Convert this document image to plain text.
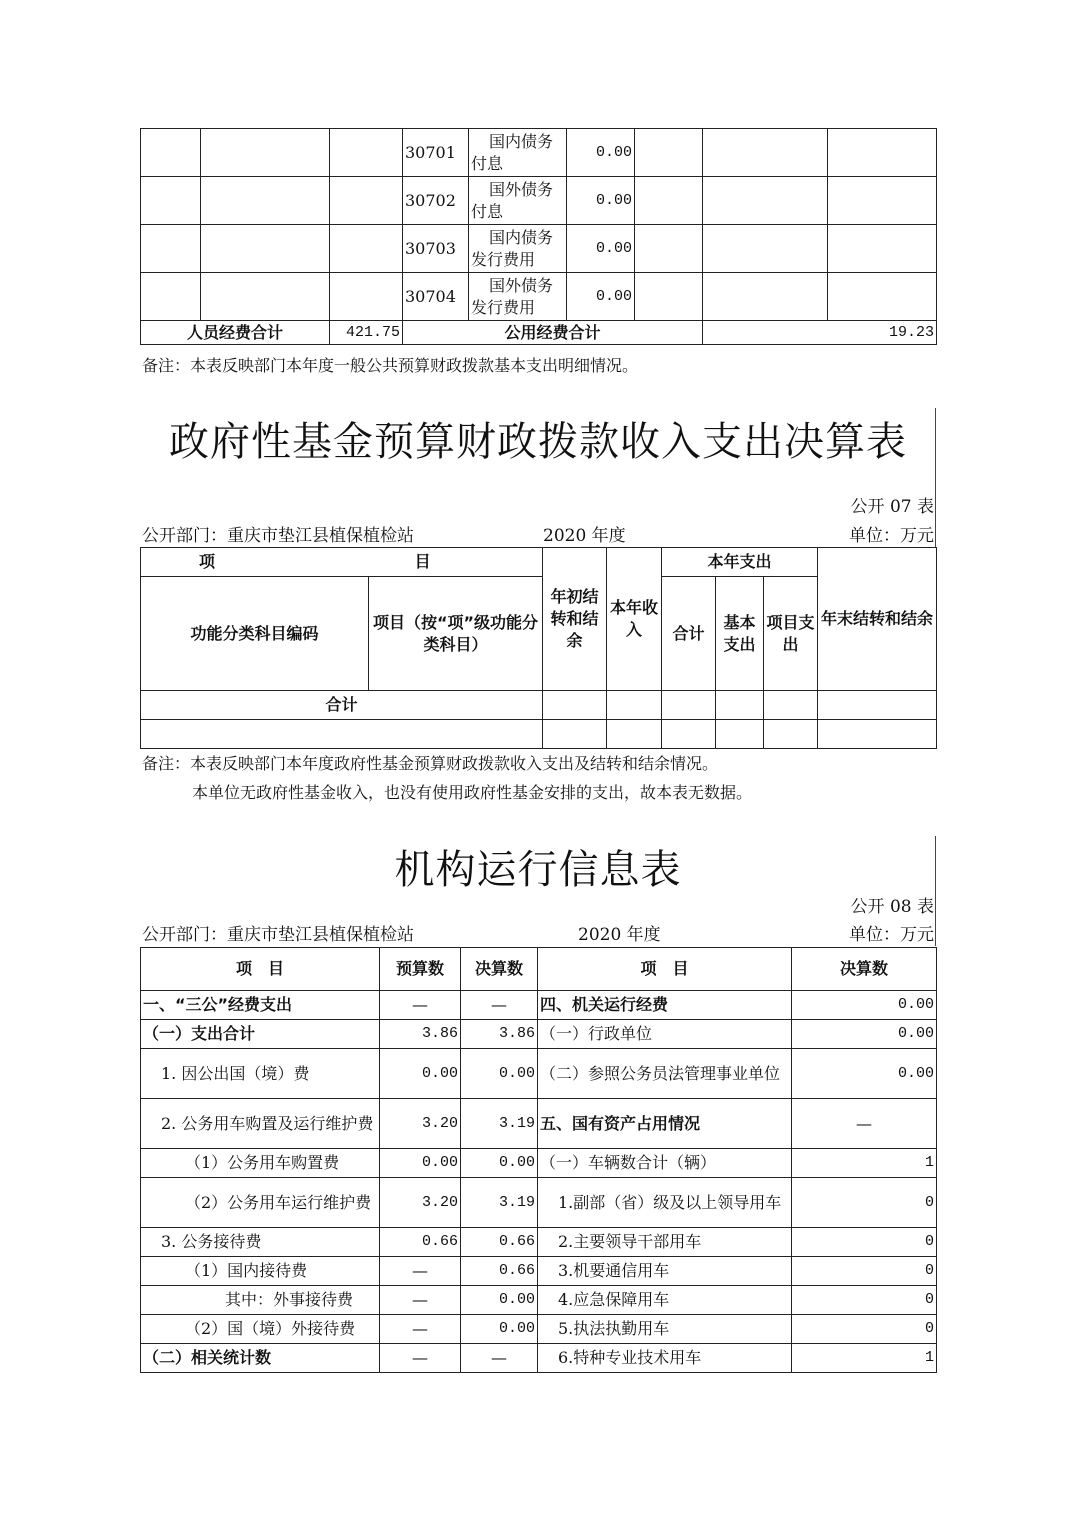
			30701	国内债务付息	0.00			
			30702	国外债务付息	0.00			
			30703	国内债务发行费用	0.00			
			30704	国外债务发行费用	0.00			
人员经费合计		421.75	公用经费合计				19.23	
备注：本表反映部门本年度一般公共预算财政拨款基本支出明细情况。
政府性基金预算财政拨款收入支出决算表
公开 07 表
公开部门：重庆市垫江县植保植检站	2020 年度	单位：万元
项 目		年初结转和结余	本年收入	本年支出			年末结转和结余
功能分类科目编码	项目（按“项”级功能分类科目）			合计	基本支出	项目支出	
合计							

备注：本表反映部门本年度政府性基金预算财政拨款收入支出及结转和结余情况。
本单位无政府性基金收入，也没有使用政府性基金安排的支出，故本表无数据。
机构运行信息表
公开 08 表
公开部门：重庆市垫江县植保植检站	2020 年度	单位：万元
项　目	预算数	决算数	项　目	决算数
一、“三公”经费支出	—	—	四、机关运行经费	0.00
（一）支出合计	3.86	3.86	（一）行政单位	0.00
1. 因公出国（境）费	0.00	0.00	（二）参照公务员法管理事业单位	0.00
2. 公务用车购置及运行维护费	3.20	3.19	五、国有资产占用情况	—
（1）公务用车购置费	0.00	0.00	（一）车辆数合计（辆）	1
（2）公务用车运行维护费	3.20	3.19	1.副部（省）级及以上领导用车	0
3. 公务接待费	0.66	0.66	2.主要领导干部用车	0
（1）国内接待费	—	0.66	3.机要通信用车	0
其中：外事接待费	—	0.00	4.应急保障用车	0
（2）国（境）外接待费	—	0.00	5.执法执勤用车	0
（二）相关统计数	—	—	6.特种专业技术用车	1
